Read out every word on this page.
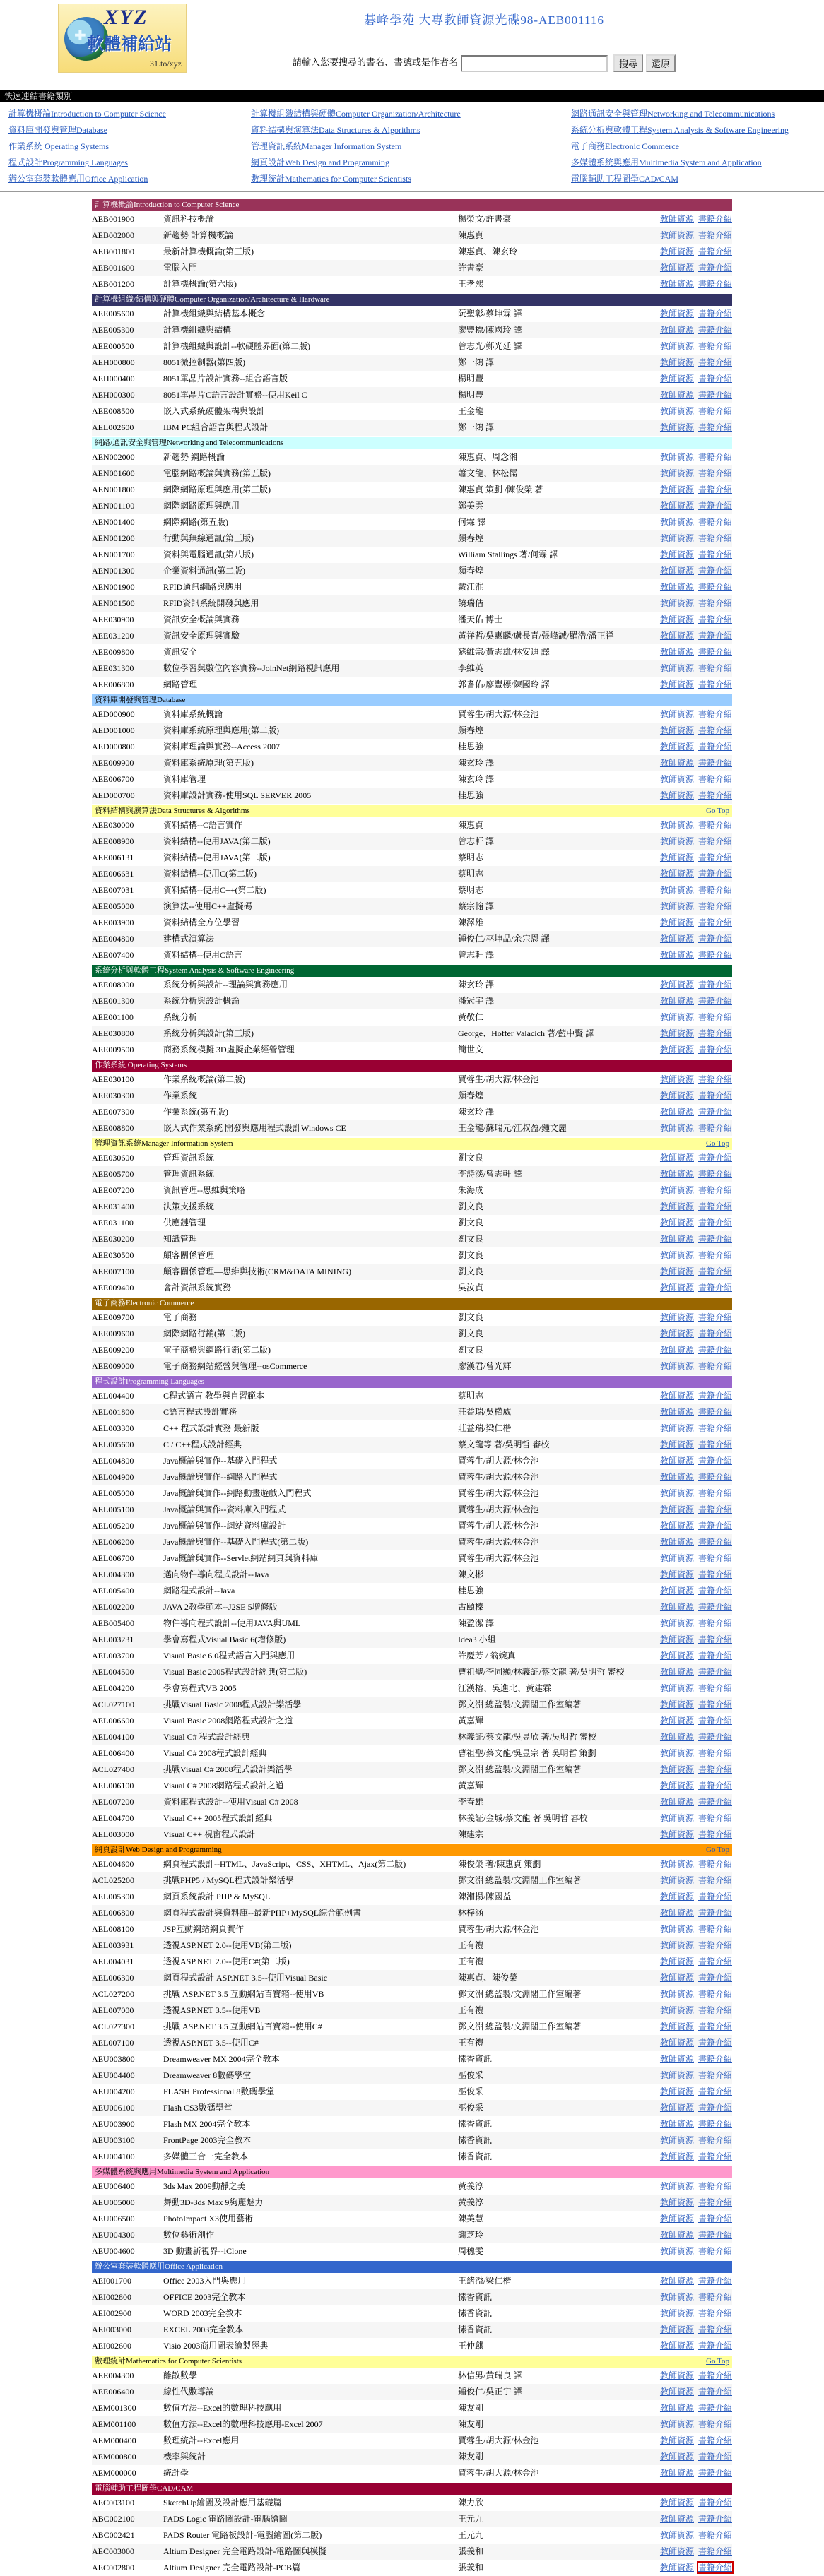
✚
XYZ
軟體補給站
31.to/xyz
碁峰學苑 大專教師資源光碟98-AEB001116
請輸入您要搜尋的書名、書號或是作者名	搜尋 還原
快速連結書籍類別
計算機概論Introduction to Computer Science	計算機組織結構與硬體Computer Organization/Architecture	網路通訊安全與管理Networking and Telecommunications
資料庫開發與管理Database	資料結構與演算法Data Structures & Algorithms	系統分析與軟體工程System Analysis & Software Engineering
作業系統 Operating Systems	管理資訊系統Manager Information System	電子商務Electronic Commerce
程式設計Programming Languages	網頁設計Web Design and Programming	多媒體系統與應用Multimedia System and Application
辦公室套裝軟體應用Office Application	數理統計Mathematics for Computer Scientists	電腦輔助工程圖學CAD/CAM
計算機概論Introduction to Computer Science
AEB001900	資訊科技概論	楊榮文/許書豪	教師資源 書籍介紹
AEB002000	新趨勢 計算機概論	陳惠貞	教師資源 書籍介紹
AEB001800	最新計算機概論(第三版)	陳惠貞、陳玄玲	教師資源 書籍介紹
AEB001600	電腦入門	許書豪	教師資源 書籍介紹
AEB001200	計算機概論(第六版)	王孝熙	教師資源 書籍介紹
計算機組織/結構與硬體Computer Organization/Architecture & Hardware
AEE005600	計算機組織與結構基本概念	阮聖彰/蔡坤霖 譯	教師資源 書籍介紹
AEE005300	計算機組織與結構	廖豐標/陳國玲 譯	教師資源 書籍介紹
AEE000500	計算機組織與設計--軟硬體界面(第二版)	曾志光/鄭光廷 譯	教師資源 書籍介紹
AEH000800	8051微控制器(第四版)	鄭一鴻 譯	教師資源 書籍介紹
AEH000400	8051單晶片設計實務--組合語言版	楊明豐	教師資源 書籍介紹
AEH000300	8051單晶片C語言設計實務--使用Keil C	楊明豐	教師資源 書籍介紹
AEE008500	嵌入式系統硬體架構與設計	王金龍	教師資源 書籍介紹
AEL002600	IBM PC組合語言與程式設計	鄭一鴻 譯	教師資源 書籍介紹
網路/通訊安全與管理Networking and Telecommunications
AEN002000	新趨勢 網路概論	陳惠貞、周念湘	教師資源 書籍介紹
AEN001600	電腦網路概論與實務(第五版)	蕭文龍、林松儒	教師資源 書籍介紹
AEN001800	網際網路原理與應用(第三版)	陳惠貞 策劃 /陳俊榮 著	教師資源 書籍介紹
AEN001100	網際網路原理與應用	鄭美雲	教師資源 書籍介紹
AEN001400	網際網路(第五版)	何霖 譯	教師資源 書籍介紹
AEN001200	行動與無線通訊(第三版)	顏春煌	教師資源 書籍介紹
AEN001700	資料與電腦通訊(第八版)	William Stallings 著/何霖 譯	教師資源 書籍介紹
AEN001300	企業資料通訊(第二版)	顏春煌	教師資源 書籍介紹
AEN001900	RFID通訊網路與應用	戴江淮	教師資源 書籍介紹
AEN001500	RFID資訊系統開發與應用	饒瑞佶	教師資源 書籍介紹
AEE030900	資訊安全概論與實務	潘天佑 博士	教師資源 書籍介紹
AEE031200	資訊安全原理與實驗	黃祥哲/吳惠麟/盧長青/張峰誠/羅浩/潘正祥	教師資源 書籍介紹
AEE009800	資訊安全	蘇維宗/黃志雄/林安迪 譯	教師資源 書籍介紹
AEE031300	數位學習與數位內容實務--JoinNet網路視訊應用	李維英	教師資源 書籍介紹
AEE006800	網路管理	郭耆佑/廖豐標/陳國玲 譯	教師資源 書籍介紹
資料庫開發與管理Database
AED000900	資料庫系統概論	賈蓉生/胡大源/林金池	教師資源 書籍介紹
AED001000	資料庫系統原理與應用(第二版)	顏春煌	教師資源 書籍介紹
AED000800	資料庫理論與實務--Access 2007	桂思強	教師資源 書籍介紹
AEE009900	資料庫系統原理(第五版)	陳玄玲 譯	教師資源 書籍介紹
AEE006700	資料庫管理	陳玄玲 譯	教師資源 書籍介紹
AED000700	資料庫設計實務-使用SQL SERVER 2005	桂思強	教師資源 書籍介紹
資料結構與演算法Data Structures & Algorithms	Go Top
AEE030000	資料結構--C語言實作	陳惠貞	教師資源 書籍介紹
AEE008900	資料結構--使用JAVA(第二版)	曾志軒 譯	教師資源 書籍介紹
AEE006131	資料結構--使用JAVA(第二版)	蔡明志	教師資源 書籍介紹
AEE006631	資料結構--使用C(第二版)	蔡明志	教師資源 書籍介紹
AEE007031	資料結構--使用C++(第二版)	蔡明志	教師資源 書籍介紹
AEE005000	演算法--使用C++虛擬碼	蔡宗翰 譯	教師資源 書籍介紹
AEE003900	資料結構全方位學習	陳澤雄	教師資源 書籍介紹
AEE004800	建構式演算法	鍾俊仁/巫坤品/余宗恩 譯	教師資源 書籍介紹
AEE007400	資料結構--使用C語言	曾志軒 譯	教師資源 書籍介紹
系統分析與軟體工程System Analysis & Software Engineering
AEE008000	系統分析與設計--理論與實務應用	陳玄玲 譯	教師資源 書籍介紹
AEE001300	系統分析與設計概論	潘冠宇 譯	教師資源 書籍介紹
AEE001100	系統分析	黃敬仁	教師資源 書籍介紹
AEE030800	系統分析與設計(第三版)	George、Hoffer Valacich 著/藍中賢 譯	教師資源 書籍介紹
AEE009500	商務系統模擬 3D虛擬企業經營管理	簡世文	教師資源 書籍介紹
作業系統 Operating Systems
AEE030100	作業系統概論(第二版)	賈蓉生/胡大源/林金池	教師資源 書籍介紹
AEE030300	作業系統	顏春煌	教師資源 書籍介紹
AEE007300	作業系統(第五版)	陳玄玲 譯	教師資源 書籍介紹
AEE008800	嵌入式作業系統 開發與應用程式設計Windows CE	王金龍/蘇瑞元/江叔盈/鍾文麗	教師資源 書籍介紹
管理資訊系統Manager Information System	Go Top
AEE030600	管理資訊系統	劉文良	教師資源 書籍介紹
AEE005700	管理資訊系統	李詩淡/曾志軒 譯	教師資源 書籍介紹
AEE007200	資訊管理--思維與策略	朱海成	教師資源 書籍介紹
AEE031400	決策支援系統	劉文良	教師資源 書籍介紹
AEE031100	供應鏈管理	劉文良	教師資源 書籍介紹
AEE030200	知識管理	劉文良	教師資源 書籍介紹
AEE030500	顧客關係管理	劉文良	教師資源 書籍介紹
AEE007100	顧客關係管理—思維與技術(CRM&DATA MINING)	劉文良	教師資源 書籍介紹
AEE009400	會計資訊系統實務	吳汝貞	教師資源 書籍介紹
電子商務Electronic Commerce
AEE009700	電子商務	劉文良	教師資源 書籍介紹
AEE009600	網際網路行銷(第二版)	劉文良	教師資源 書籍介紹
AEE009200	電子商務與網路行銷(第二版)	劉文良	教師資源 書籍介紹
AEE009000	電子商務網站經營與管理--osCommerce	廖漢君/曾光輝	教師資源 書籍介紹
程式設計Programming Languages
AEL004400	C程式語言 教學與自習範本	蔡明志	教師資源 書籍介紹
AEL001800	C語言程式設計實務	莊益瑞/吳權威	教師資源 書籍介紹
AEL003300	C++ 程式設計實務 最新版	莊益瑞/梁仁楷	教師資源 書籍介紹
AEL005600	C / C++程式設計經典	蔡文龍等 著/吳明哲 審校	教師資源 書籍介紹
AEL004800	Java概論與實作--基礎入門程式	賈蓉生/胡大源/林金池	教師資源 書籍介紹
AEL004900	Java概論與實作--網路入門程式	賈蓉生/胡大源/林金池	教師資源 書籍介紹
AEL005000	Java概論與實作--網路動畫遊戲入門程式	賈蓉生/胡大源/林金池	教師資源 書籍介紹
AEL005100	Java概論與實作--資料庫入門程式	賈蓉生/胡大源/林金池	教師資源 書籍介紹
AEL005200	Java概論與實作--網站資料庫設計	賈蓉生/胡大源/林金池	教師資源 書籍介紹
AEL006200	Java概論與實作--基礎入門程式(第二版)	賈蓉生/胡大源/林金池	教師資源 書籍介紹
AEL006700	Java概論與實作--Servlet網站網頁與資料庫	賈蓉生/胡大源/林金池	教師資源 書籍介紹
AEL004300	邁向物件導向程式設計--Java	陳文彬	教師資源 書籍介紹
AEL005400	網路程式設計--Java	桂思強	教師資源 書籍介紹
AEL002200	JAVA 2教學範本--J2SE 5增修版	古頤榛	教師資源 書籍介紹
AEB005400	物件導向程式設計--使用JAVA與UML	陳盈潔 譯	教師資源 書籍介紹
AEL003231	學會寫程式Visual Basic 6(增修版)	Idea3 小組	教師資源 書籍介紹
AEL003700	Visual Basic 6.0程式語言入門與應用	許慶芳 / 翁婉真	教師資源 書籍介紹
AEL004500	Visual Basic 2005程式設計經典(第二版)	曹祖聖/李同顯/林義証/蔡文龍 著/吳明哲 審校	教師資源 書籍介紹
AEL004200	學會寫程式VB 2005	江漢榕、吳進北、黃建霖	教師資源 書籍介紹
ACL027100	挑戰Visual Basic 2008程式設計樂活學	鄧文淵 總監製/文淵閣工作室編著	教師資源 書籍介紹
AEL006600	Visual Basic 2008網路程式設計之道	黃嘉輝	教師資源 書籍介紹
AEL004100	Visual C# 程式設計經典	林義証/蔡文龍/吳昱欣 著/吳明哲 審校	教師資源 書籍介紹
AEL006400	Visual C# 2008程式設計經典	曹祖聖/蔡文龍/吳昱宗 著 吳明哲 策劃	教師資源 書籍介紹
ACL027400	挑戰Visual C# 2008程式設計樂活學	鄧文淵 總監製/文淵閣工作室編著	教師資源 書籍介紹
AEL006100	Visual C# 2008網路程式設計之道	黃嘉輝	教師資源 書籍介紹
AEL007200	資料庫程式設計--使用Visual C# 2008	李春雄	教師資源 書籍介紹
AEL004700	Visual C++ 2005程式設計經典	林義証/金城/蔡文龍 著 吳明哲 審校	教師資源 書籍介紹
AEL003000	Visual C++ 視窗程式設計	陳建宗	教師資源 書籍介紹
網頁設計Web Design and Programming	Go Top
AEL004600	網頁程式設計--HTML、JavaScript、CSS、XHTML、Ajax(第二版)	陳俊榮 著/陳惠貞 策劃	教師資源 書籍介紹
ACL025200	挑戰PHP5 / MySQL程式設計樂活學	鄧文淵 總監製/文淵閣工作室編著	教師資源 書籍介紹
AEL005300	網頁系統設計 PHP & MySQL	陳湘揚/陳國益	教師資源 書籍介紹
AEL006800	網頁程式設計與資料庫--最新PHP+MySQL綜合範例書	林梓涵	教師資源 書籍介紹
AEL008100	JSP互動網站網頁實作	賈蓉生/胡大源/林金池	教師資源 書籍介紹
AEL003931	透視ASP.NET 2.0--使用VB(第二版)	王有禮	教師資源 書籍介紹
AEL004031	透視ASP.NET 2.0--使用C#(第二版)	王有禮	教師資源 書籍介紹
AEL006300	網頁程式設計 ASP.NET 3.5--使用Visual Basic	陳惠貞、陳俊榮	教師資源 書籍介紹
ACL027200	挑戰 ASP.NET 3.5 互動網站百寶箱--使用VB	鄧文淵 總監製/文淵閣工作室編著	教師資源 書籍介紹
AEL007000	透視ASP.NET 3.5--使用VB	王有禮	教師資源 書籍介紹
ACL027300	挑戰 ASP.NET 3.5 互動網站百寶箱--使用C#	鄧文淵 總監製/文淵閣工作室編著	教師資源 書籍介紹
AEL007100	透視ASP.NET 3.5--使用C#	王有禮	教師資源 書籍介紹
AEU003800	Dreamweaver MX 2004完全教本	愫香資訊	教師資源 書籍介紹
AEU004400	Dreamweaver 8數碼學堂	巫俊采	教師資源 書籍介紹
AEU004200	FLASH Professional 8數碼學堂	巫俊采	教師資源 書籍介紹
AEU006100	Flash CS3數碼學堂	巫俊采	教師資源 書籍介紹
AEU003900	Flash MX 2004完全教本	愫香資訊	教師資源 書籍介紹
AEU003100	FrontPage 2003完全教本	愫香資訊	教師資源 書籍介紹
AEU004100	多媒體三合一完全教本	愫香資訊	教師資源 書籍介紹
多媒體系統與應用Multimedia System and Application
AEU006400	3ds Max 2009動靜之美	黃義淳	教師資源 書籍介紹
AEU005000	舞動3D-3ds Max 9絢麗魅力	黃義淳	教師資源 書籍介紹
AEU006500	PhotoImpact X3使用藝術	陳美慧	教師資源 書籍介紹
AEU004300	數位藝術創作	謝芝玲	教師資源 書籍介紹
AEU004600	3D 動畫新視界--iClone	周穗雯	教師資源 書籍介紹
辦公室套裝軟體應用Office Application
AEI001700	Office 2003入門與應用	王緒溢/梁仁楷	教師資源 書籍介紹
AEI002800	OFFICE 2003完全教本	愫香資訊	教師資源 書籍介紹
AEI002900	WORD 2003完全教本	愫香資訊	教師資源 書籍介紹
AEI003000	EXCEL 2003完全教本	愫香資訊	教師資源 書籍介紹
AEI002600	Visio 2003商用圖表繪製經典	王仲麒	教師資源 書籍介紹
數理統計Mathematics for Computer Scientists	Go Top
AEE004300	離散數學	林信男/黃瑞良 譯	教師資源 書籍介紹
AEE006400	線性代數導論	鍾俊仁/吳正宇 譯	教師資源 書籍介紹
AEM001300	數值方法--Excel的數理科技應用	陳友剛	教師資源 書籍介紹
AEM001100	數值方法--Excel的數理科技應用-Excel 2007	陳友剛	教師資源 書籍介紹
AEM000400	數理統計--Excel應用	賈蓉生/胡大源/林金池	教師資源 書籍介紹
AEM000800	機率與統計	陳友剛	教師資源 書籍介紹
AEM000000	統計學	賈蓉生/胡大源/林金池	教師資源 書籍介紹
電腦輔助工程圖學CAD/CAM
AEC003100	SketchUp繪圖及設計應用基礎篇	陳力欣	教師資源 書籍介紹
ABC002100	PADS Logic 電路圖設計-電腦繪圖	王元九	教師資源 書籍介紹
ABC002421	PADS Router 電路板設計-電腦繪圖(第二版)	王元九	教師資源 書籍介紹
AEC003000	Altium Designer 完全電路設計-電路圖與模擬	張義和	教師資源 書籍介紹
AEC002800	Altium Designer 完全電路設計-PCB篇	張義和	教師資源 書籍介紹
